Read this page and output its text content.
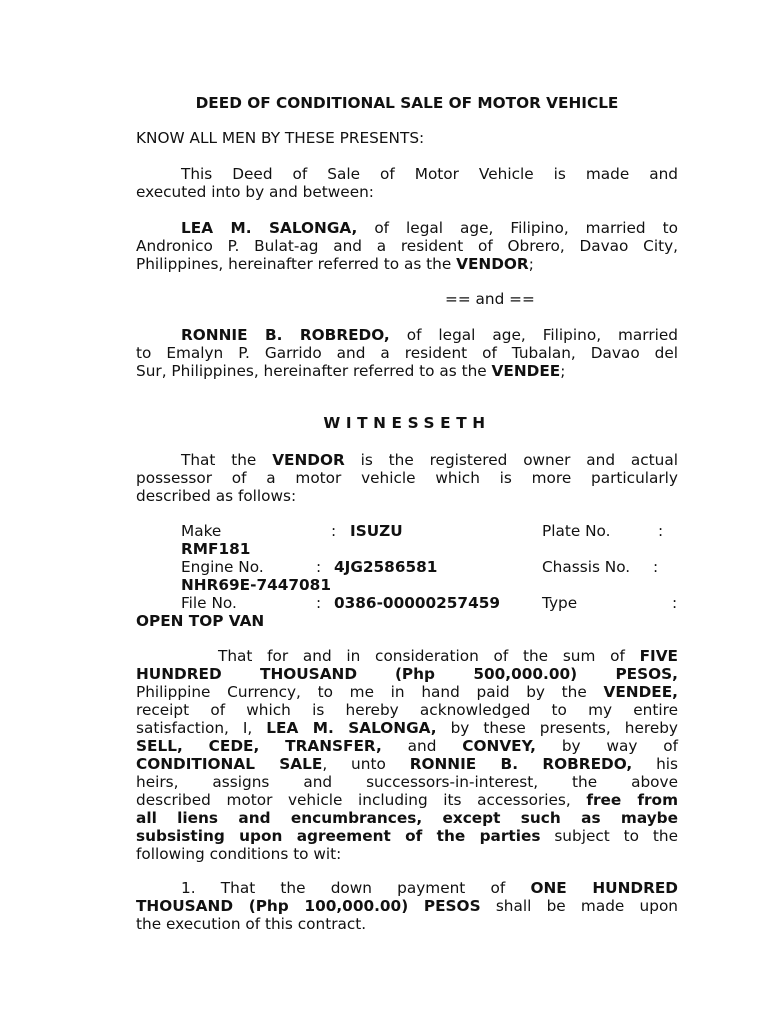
DEED OF CONDITIONAL SALE OF MOTOR VEHICLE
KNOW ALL MEN BY THESE PRESENTS:
This Deed of Sale of Motor Vehicle is made and
executed into by and between:
LEA M. SALONGA, of legal age, Filipino, married to
Andronico P. Bulat-ag and a resident of Obrero, Davao City,
Philippines, hereinafter referred to as the VENDOR;
== and ==
RONNIE B. ROBREDO, of legal age, Filipino, married
to Emalyn P. Garrido and a resident of Tubalan, Davao del
Sur, Philippines, hereinafter referred to as the VENDEE;
WITNESSETH
That the VENDOR is the registered owner and actual
possessor of a motor vehicle which is more particularly
described as follows:
Make	: ISUZU	Plate No.	:
RMF181
Engine No.	: 4JG2586581	Chassis No. :
NHR69E-7447081
File No.	: 0386-00000257459	Type	:
OPEN TOP VAN
That for and in consideration of the sum of FIVE
HUNDRED THOUSAND (Php 500,000.00) PESOS,
Philippine Currency, to me in hand paid by the VENDEE,
receipt of which is hereby acknowledged to my entire
satisfaction, I, LEA M. SALONGA, by these presents, hereby
SELL, CEDE, TRANSFER, and CONVEY, by way of
CONDITIONAL SALE, unto RONNIE B. ROBREDO, his
heirs, assigns and successors-in-interest, the above
described motor vehicle including its accessories, free from
all liens and encumbrances, except such as maybe
subsisting upon agreement of the parties subject to the
following conditions to wit:
1. That the down payment of ONE HUNDRED
THOUSAND (Php 100,000.00) PESOS shall be made upon
the execution of this contract.
